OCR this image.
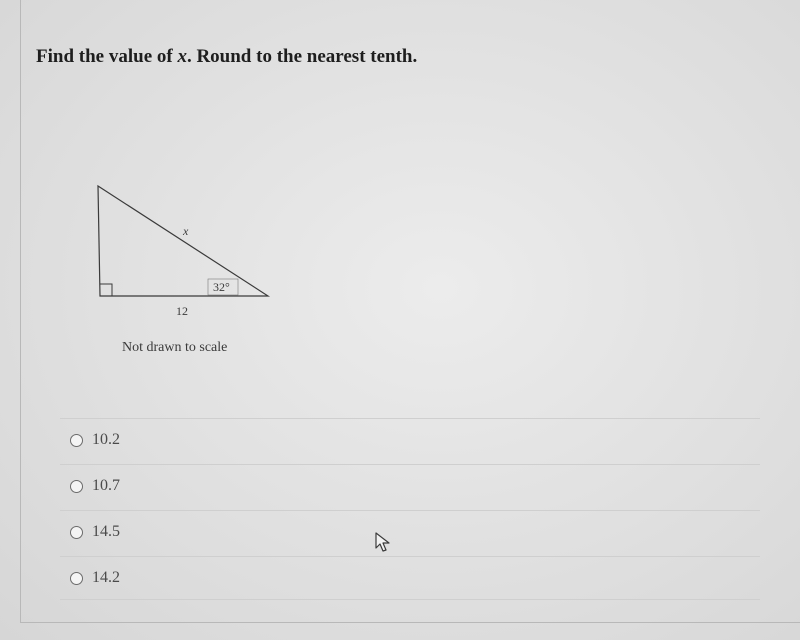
Find the value of x. Round to the nearest tenth.
x
32°
12
Not drawn to scale
10.2
10.7
14.5
14.2
